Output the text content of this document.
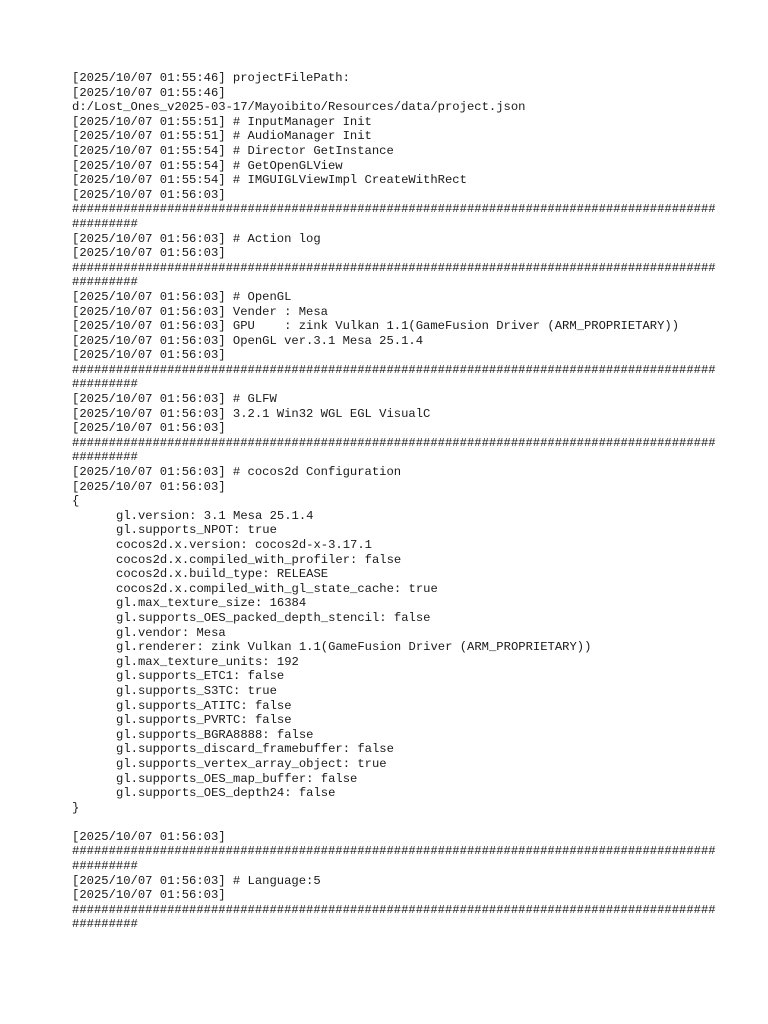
[2025/10/07 01:55:46] projectFilePath:
[2025/10/07 01:55:46]
d:/Lost_Ones_v2025-03-17/Mayoibito/Resources/data/project.json
[2025/10/07 01:55:51] # InputManager Init
[2025/10/07 01:55:51] # AudioManager Init
[2025/10/07 01:55:54] # Director GetInstance
[2025/10/07 01:55:54] # GetOpenGLView
[2025/10/07 01:55:54] # IMGUIGLViewImpl CreateWithRect
[2025/10/07 01:56:03]
########################################################################################
#########
[2025/10/07 01:56:03] # Action log
[2025/10/07 01:56:03]
########################################################################################
#########
[2025/10/07 01:56:03] # OpenGL
[2025/10/07 01:56:03] Vender : Mesa
[2025/10/07 01:56:03] GPU    : zink Vulkan 1.1(GameFusion Driver (ARM_PROPRIETARY))
[2025/10/07 01:56:03] OpenGL ver.3.1 Mesa 25.1.4
[2025/10/07 01:56:03]
########################################################################################
#########
[2025/10/07 01:56:03] # GLFW
[2025/10/07 01:56:03] 3.2.1 Win32 WGL EGL VisualC
[2025/10/07 01:56:03]
########################################################################################
#########
[2025/10/07 01:56:03] # cocos2d Configuration
[2025/10/07 01:56:03]
{
gl.version: 3.1 Mesa 25.1.4
gl.supports_NPOT: true
cocos2d.x.version: cocos2d-x-3.17.1
cocos2d.x.compiled_with_profiler: false
cocos2d.x.build_type: RELEASE
cocos2d.x.compiled_with_gl_state_cache: true
gl.max_texture_size: 16384
gl.supports_OES_packed_depth_stencil: false
gl.vendor: Mesa
gl.renderer: zink Vulkan 1.1(GameFusion Driver (ARM_PROPRIETARY))
gl.max_texture_units: 192
gl.supports_ETC1: false
gl.supports_S3TC: true
gl.supports_ATITC: false
gl.supports_PVRTC: false
gl.supports_BGRA8888: false
gl.supports_discard_framebuffer: false
gl.supports_vertex_array_object: true
gl.supports_OES_map_buffer: false
gl.supports_OES_depth24: false
}
[2025/10/07 01:56:03]
########################################################################################
#########
[2025/10/07 01:56:03] # Language:5
[2025/10/07 01:56:03]
########################################################################################
#########
